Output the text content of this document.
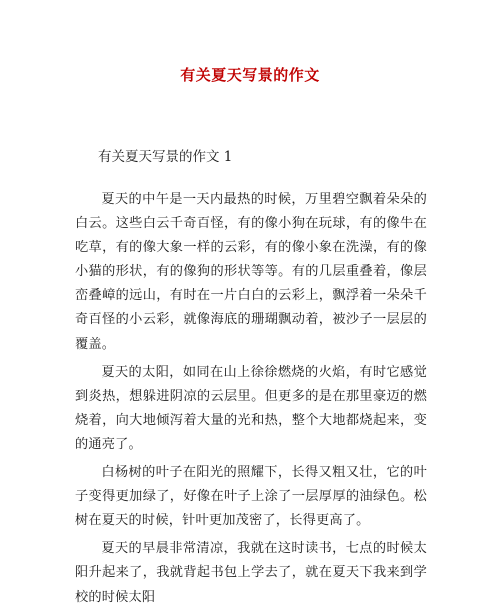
有关夏天写景的作文
有关夏天写景的作文 1

夏天的中午是一天内最热的时候，万里碧空飘着朵朵的白云。这些白云千奇百怪，有的像小狗在玩球，有的像牛在吃草，有的像大象一样的云彩，有的像小象在洗澡，有的像小猫的形状，有的像狗的形状等等。有的几层重叠着，像层峦叠嶂的远山，有时在一片白白的云彩上，飘浮着一朵朵千奇百怪的小云彩，就像海底的珊瑚飘动着，被沙子一层层的覆盖。

夏天的太阳，如同在山上徐徐燃烧的火焰，有时它感觉到炎热，想躲进阴凉的云层里。但更多的是在那里豪迈的燃烧着，向大地倾泻着大量的光和热，整个大地都烧起来，变的通亮了。

白杨树的叶子在阳光的照耀下，长得又粗又壮，它的叶子变得更加绿了，好像在叶子上涂了一层厚厚的油绿色。松树在夏天的时候，针叶更加茂密了，长得更高了。

夏天的早晨非常清凉，我就在这时读书，七点的时候太阳升起来了，我就背起书包上学去了，就在夏天下我来到学校的时候太阳
